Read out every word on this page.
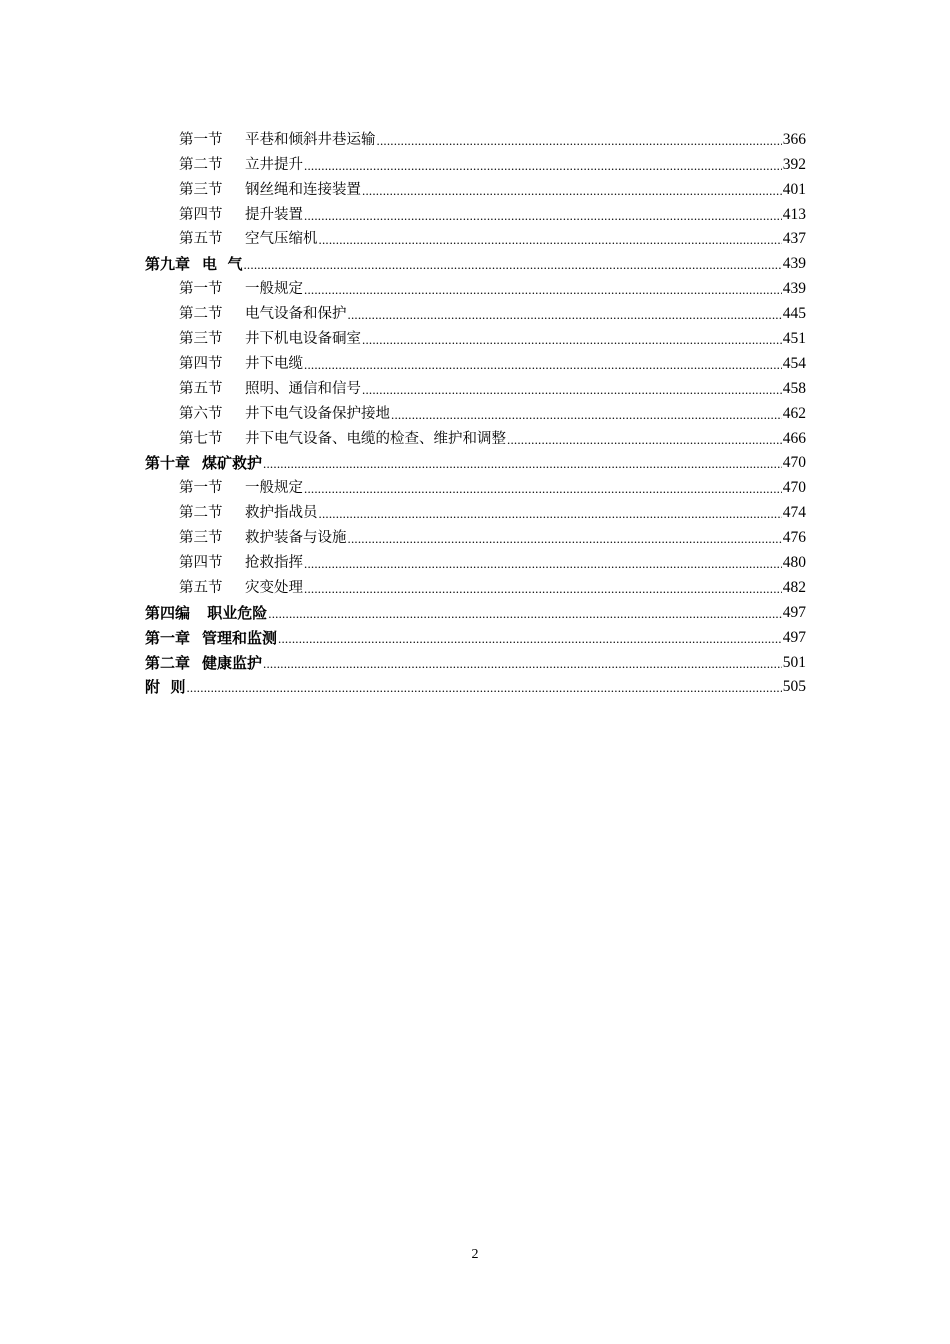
第一节	平巷和倾斜井巷运输 .....	366
第二节	立井提升 .....	392
第三节	钢丝绳和连接装置 .....	401
第四节	提升装置 .....	413
第五节	空气压缩机 .....	437
第九章 电  气 .....	439
第一节	一般规定 .....	439
第二节	电气设备和保护 .....	445
第三节	井下机电设备硐室 .....	451
第四节	井下电缆 .....	454
第五节	照明、通信和信号 .....	458
第六节	井下电气设备保护接地 .....	462
第七节	井下电气设备、电缆的检查、维护和调整 .....	466
第十章 煤矿救护 .....	470
第一节	一般规定 .....	470
第二节	救护指战员 .....	474
第三节	救护装备与设施 .....	476
第四节	抢救指挥 .....	480
第五节	灾变处理 .....	482
第四编 职业危险 .....	497
第一章 管理和监测 .....	497
第二章 健康监护 .....	501
附  则 .....	505
2
